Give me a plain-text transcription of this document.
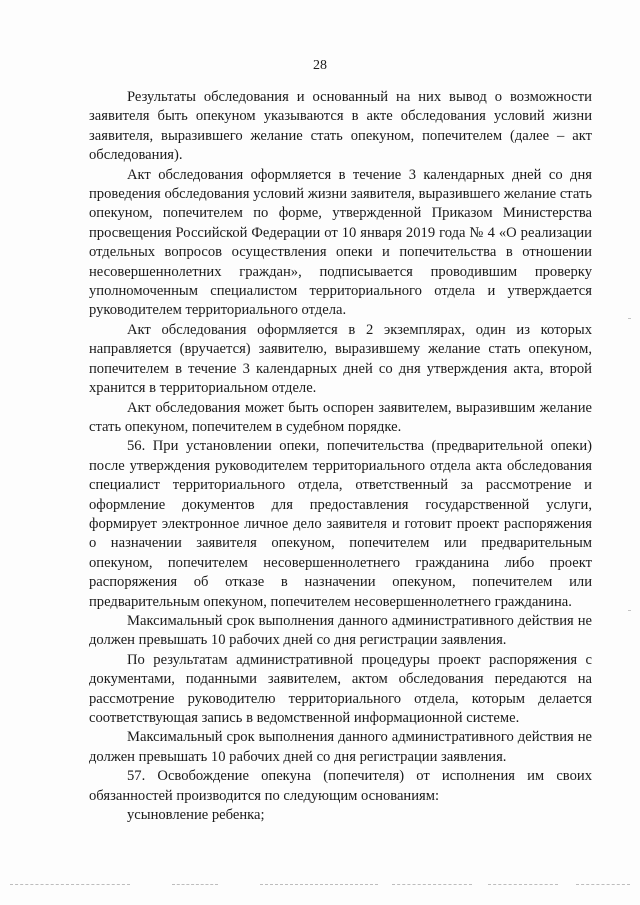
28

Результаты обследования и основанный на них вывод о возможности заявителя быть опекуном указываются в акте обследования условий жизни заявителя, выразившего желание стать опекуном, попечителем (далее – акт обследования).

Акт обследования оформляется в течение 3 календарных дней со дня проведения обследования условий жизни заявителя, выразившего желание стать опекуном, попечителем по форме, утвержденной Приказом Министерства просвещения Российской Федерации от 10 января 2019 года № 4 «О реализации отдельных вопросов осуществления опеки и попечительства в отношении несовершеннолетних граждан», подписывается проводившим проверку уполномоченным специалистом территориального отдела и утверждается руководителем территориального отдела.

Акт обследования оформляется в 2 экземплярах, один из которых направляется (вручается) заявителю, выразившему желание стать опекуном, попечителем в течение 3 календарных дней со дня утверждения акта, второй хранится в территориальном отделе.

Акт обследования может быть оспорен заявителем, выразившим желание стать опекуном, попечителем в судебном порядке.

56. При установлении опеки, попечительства (предварительной опеки) после утверждения руководителем территориального отдела акта обследования специалист территориального отдела, ответственный за рассмотрение и оформление документов для предоставления государственной услуги, формирует электронное личное дело заявителя и готовит проект распоряжения о назначении заявителя опекуном, попечителем или предварительным опекуном, попечителем несовершеннолетнего гражданина либо проект распоряжения об отказе в назначении опекуном, попечителем или предварительным опекуном, попечителем несовершеннолетнего гражданина.

Максимальный срок выполнения данного административного действия не должен превышать 10 рабочих дней со дня регистрации заявления.

По результатам административной процедуры проект распоряжения с документами, поданными заявителем, актом обследования передаются на рассмотрение руководителю территориального отдела, которым делается соответствующая запись в ведомственной информационной системе.

Максимальный срок выполнения данного административного действия не должен превышать 10 рабочих дней со дня регистрации заявления.

57. Освобождение опекуна (попечителя) от исполнения им своих обязанностей производится по следующим основаниям:

усыновление ребенка;
